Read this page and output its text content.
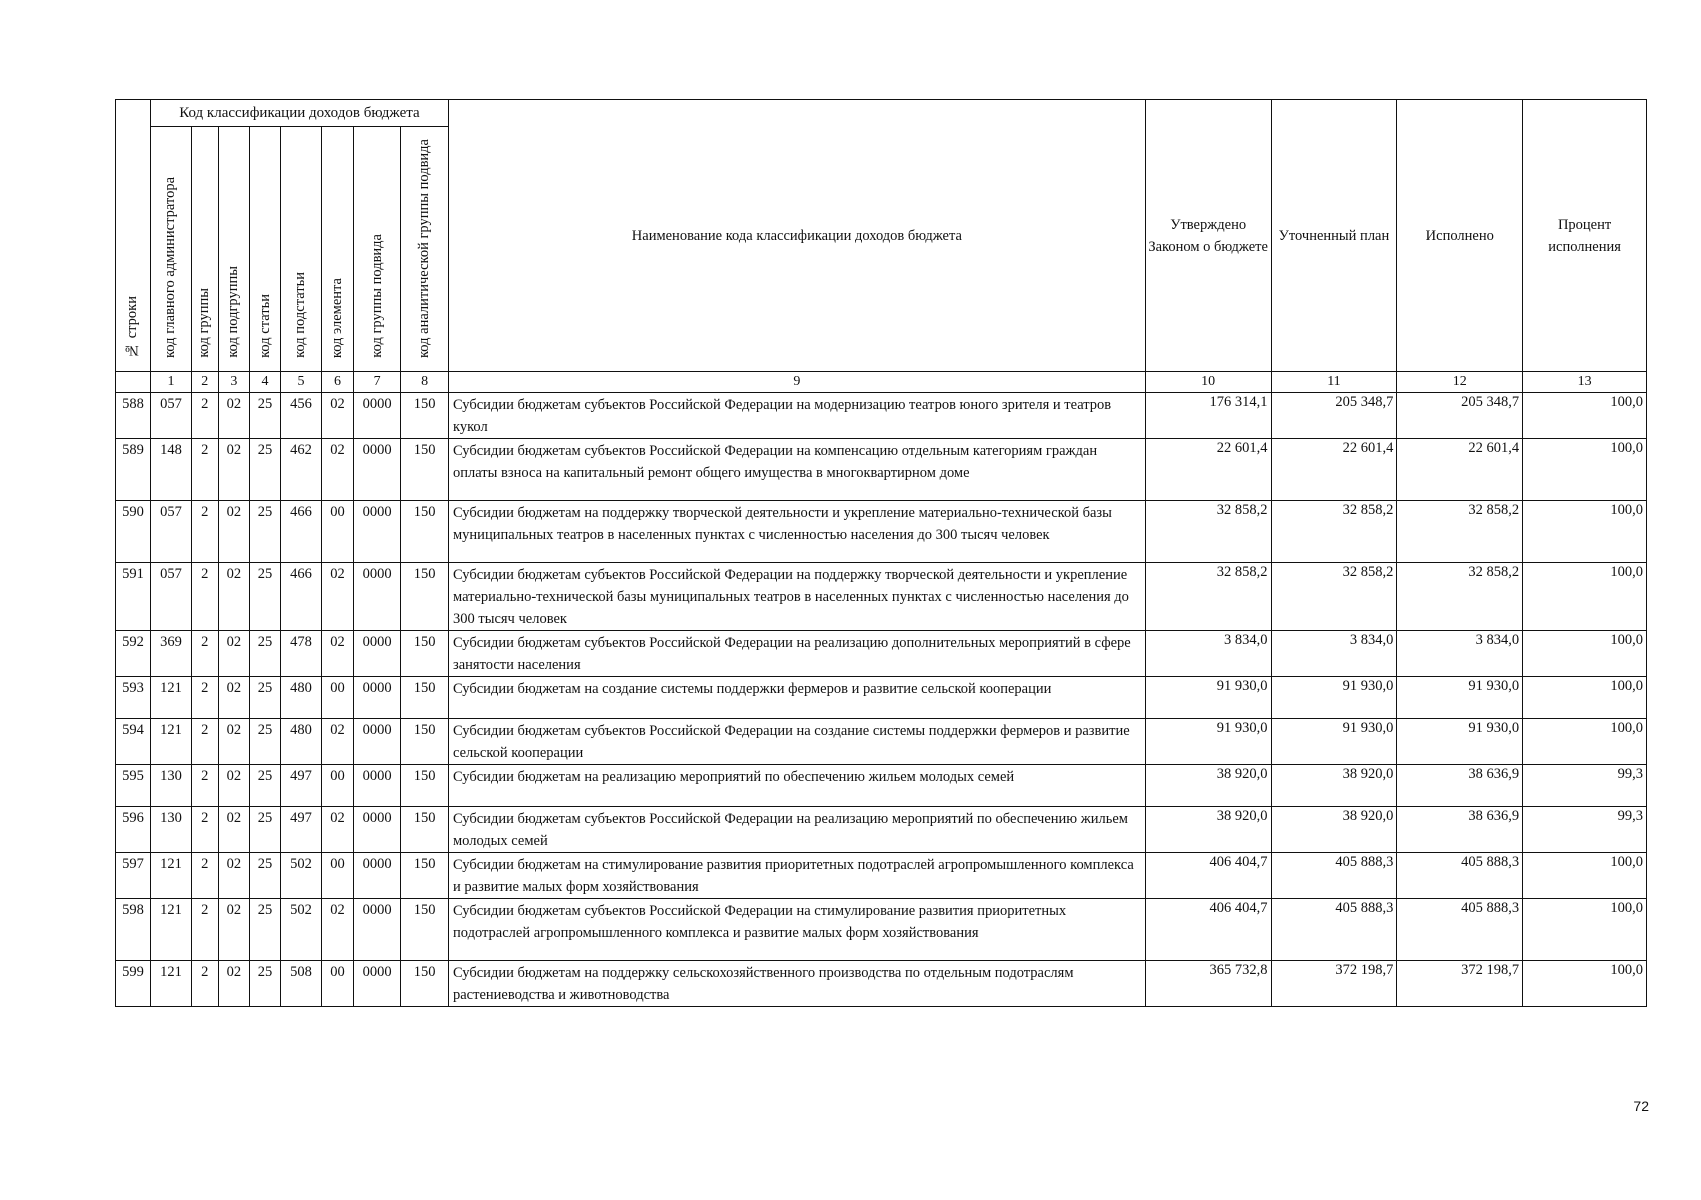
№ строки	Код классификации доходов бюджета								Наименование кода классификации доходов бюджета	Утверждено Законом о бюджете	Уточненный план	Исполнено	Процент исполнения
	код главного администратора	код группы	код подгруппы	код статьи	код подстатьи	код элемента	код группы подвида	код аналитической группы подвида					
	1	2	3	4	5	6	7	8	9	10	11	12	13
588	057	2	02	25	456	02	0000	150	Субсидии бюджетам субъектов Российской Федерации на модернизацию театров юного зрителя и театров кукол	176 314,1	205 348,7	205 348,7	100,0
589	148	2	02	25	462	02	0000	150	Субсидии бюджетам субъектов Российской Федерации на компенсацию отдельным категориям граждан оплаты взноса на капитальный ремонт общего имущества в многоквартирном доме	22 601,4	22 601,4	22 601,4	100,0
590	057	2	02	25	466	00	0000	150	Субсидии бюджетам на поддержку творческой деятельности и укрепление материально-технической базы муниципальных театров в населенных пунктах с численностью населения до 300 тысяч человек	32 858,2	32 858,2	32 858,2	100,0
591	057	2	02	25	466	02	0000	150	Субсидии бюджетам субъектов Российской Федерации на поддержку творческой деятельности и укрепление материально-технической базы муниципальных театров в населенных пунктах с численностью населения до 300 тысяч человек	32 858,2	32 858,2	32 858,2	100,0
592	369	2	02	25	478	02	0000	150	Субсидии бюджетам субъектов Российской Федерации на реализацию дополнительных мероприятий в сфере занятости населения	3 834,0	3 834,0	3 834,0	100,0
593	121	2	02	25	480	00	0000	150	Субсидии бюджетам на создание системы поддержки фермеров и развитие сельской кооперации	91 930,0	91 930,0	91 930,0	100,0
594	121	2	02	25	480	02	0000	150	Субсидии бюджетам субъектов Российской Федерации на создание системы поддержки фермеров и развитие сельской кооперации	91 930,0	91 930,0	91 930,0	100,0
595	130	2	02	25	497	00	0000	150	Субсидии бюджетам на реализацию мероприятий по обеспечению жильем молодых семей	38 920,0	38 920,0	38 636,9	99,3
596	130	2	02	25	497	02	0000	150	Субсидии бюджетам субъектов Российской Федерации на реализацию мероприятий по обеспечению жильем молодых семей	38 920,0	38 920,0	38 636,9	99,3
597	121	2	02	25	502	00	0000	150	Субсидии бюджетам на стимулирование развития приоритетных подотраслей агропромышленного комплекса и развитие малых форм хозяйствования	406 404,7	405 888,3	405 888,3	100,0
598	121	2	02	25	502	02	0000	150	Субсидии бюджетам субъектов Российской Федерации на стимулирование развития приоритетных подотраслей агропромышленного комплекса и развитие малых форм хозяйствования	406 404,7	405 888,3	405 888,3	100,0
599	121	2	02	25	508	00	0000	150	Субсидии бюджетам на поддержку сельскохозяйственного производства по отдельным подотраслям растениеводства и животноводства	365 732,8	372 198,7	372 198,7	100,0
72
